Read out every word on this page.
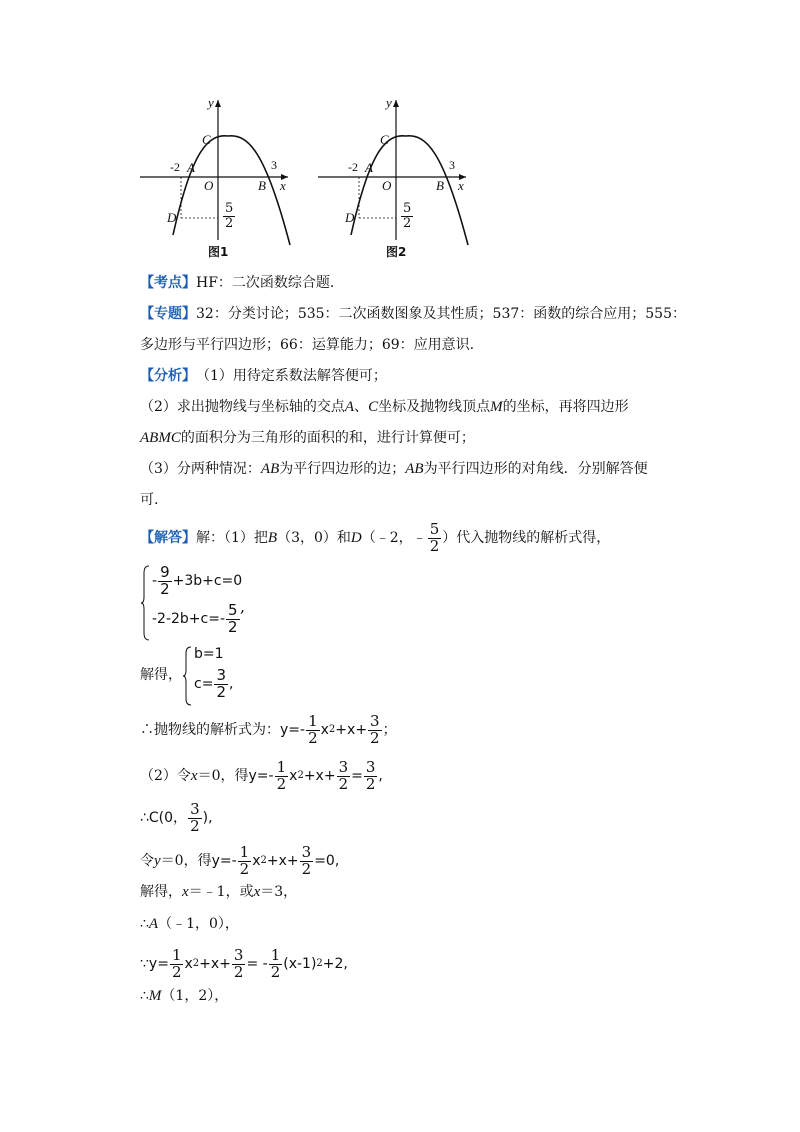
y
C
-2 A	3
O	B x
D	$\frac{5}{2}$
图1
y
C
-2 A	3
O	B x
D	$\frac{5}{2}$
图2
【考点】 HF：二次函数综合题.
【专题】 32：分类讨论；535：二次函数图象及其性质；537：函数的综合应用；555：
多边形与平行四边形；66：运算能力；69：应用意识.
【分析】 （1）用待定系数法解答便可；
（2）求出抛物线与坐标轴的交点 A 、 C 坐标及抛物线顶点 M 的坐标，再将四边形
ABMC 的面积分为三角形的面积的和，进行计算便可；
（3）分两种情况： AB 为平行四边形的边； AB 为平行四边形的对角线．分别解答便
可.
【解答】 解：（1）把 B （3，0）和 D （﹣2，﹣ $\frac{5}{2}$ ）代入抛物线的解析式得，
- $\frac{9}{2} +3b+c=0$
$-2-2b+c=- \frac{5}{2}$ ,
解得，
b=1
$c= \frac{3}{2}$ ,
∴抛物线的解析式为： $y=- \frac{1}{2}$ x $2 +x+ \frac{3}{2}$ ；
（2）令 x ＝0，得 $y=- \frac{1}{2}$ x $2 +x+ \frac{3}{2} = \frac{3}{2}$ ,
∴C(0， $\frac{3}{2}$ ),
令 y ＝0，得 $y=- \frac{1}{2}$ x $2 +x+ \frac{3}{2} =0$,
解得， x ＝﹣1，或 x ＝3，
∴ A （﹣1，0），
∵ $y= \frac{1}{2}$ x $2 +x+ \frac{3}{2}$ = - $\frac{1}{2} (x-1)$ 2 +2,
∴ M （1，2），
